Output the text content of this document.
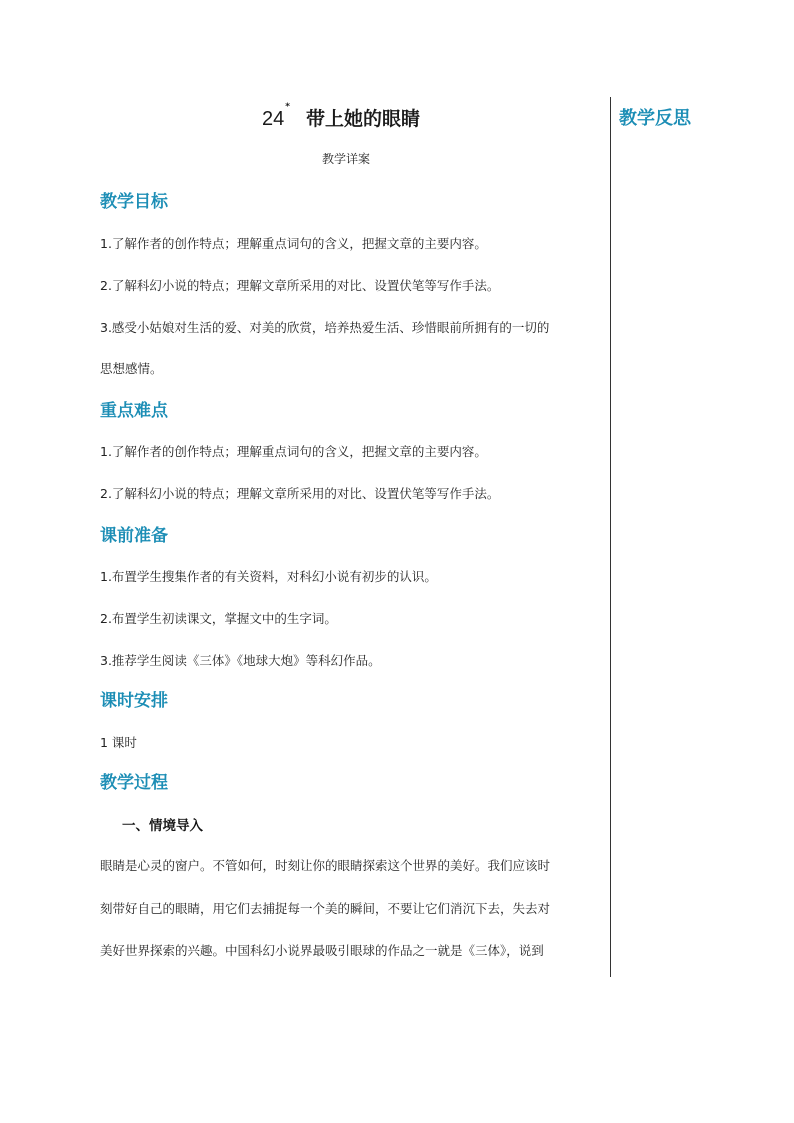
教学反思
24*带上她的眼睛
教学详案
教学目标
1.了解作者的创作特点；理解重点词句的含义，把握文章的主要内容。
2.了解科幻小说的特点；理解文章所采用的对比、设置伏笔等写作手法。
3.感受小姑娘对生活的爱、对美的欣赏，培养热爱生活、珍惜眼前所拥有的一切的
思想感情。
重点难点
1.了解作者的创作特点；理解重点词句的含义，把握文章的主要内容。
2.了解科幻小说的特点；理解文章所采用的对比、设置伏笔等写作手法。
课前准备
1.布置学生搜集作者的有关资料，对科幻小说有初步的认识。
2.布置学生初读课文，掌握文中的生字词。
3.推荐学生阅读《三体》《地球大炮》等科幻作品。
课时安排
1 课时
教学过程
一、情境导入
眼睛是心灵的窗户。不管如何，时刻让你的眼睛探索这个世界的美好。我们应该时
刻带好自己的眼睛，用它们去捕捉每一个美的瞬间，不要让它们消沉下去，失去对
美好世界探索的兴趣。中国科幻小说界最吸引眼球的作品之一就是《三体》，说到
